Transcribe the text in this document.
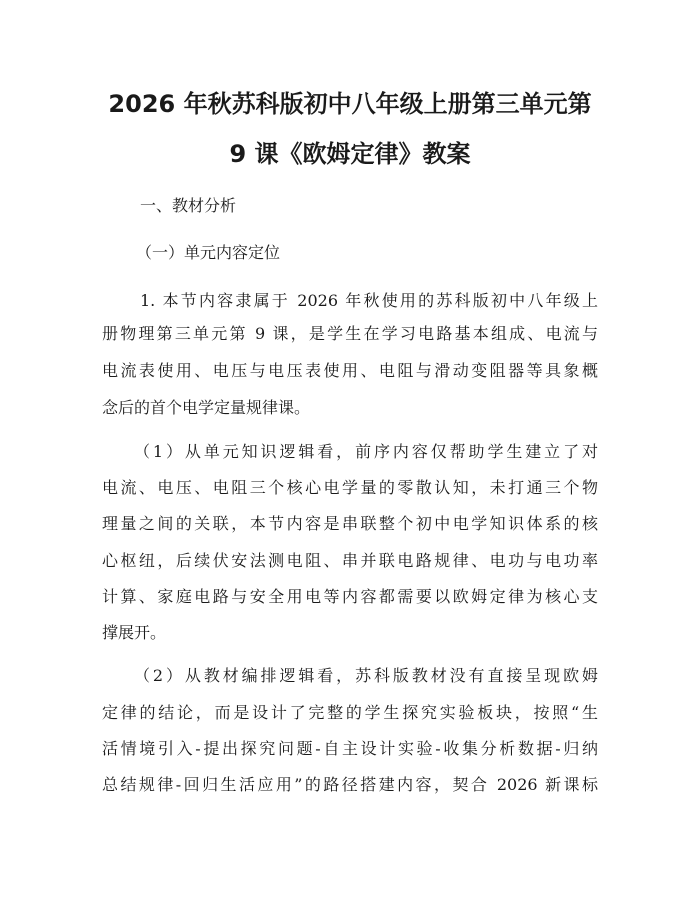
2026 年秋苏科版初中八年级上册第三单元第
9 课《欧姆定律》教案
一、教材分析
（一）单元内容定位
1. 本节内容隶属于 2026 年秋使用的苏科版初中八年级上
册物理第三单元第 9 课，是学生在学习电路基本组成、电流与
电流表使用、电压与电压表使用、电阻与滑动变阻器等具象概
念后的首个电学定量规律课。
（1）从单元知识逻辑看，前序内容仅帮助学生建立了对
电流、电压、电阻三个核心电学量的零散认知，未打通三个物
理量之间的关联，本节内容是串联整个初中电学知识体系的核
心枢纽，后续伏安法测电阻、串并联电路规律、电功与电功率
计算、家庭电路与安全用电等内容都需要以欧姆定律为核心支
撑展开。
（2）从教材编排逻辑看，苏科版教材没有直接呈现欧姆
定律的结论，而是设计了完整的学生探究实验板块，按照“生
活情境引入-提出探究问题-自主设计实验-收集分析数据-归纳
总结规律-回归生活应用”的路径搭建内容，契合 2026 新课标
